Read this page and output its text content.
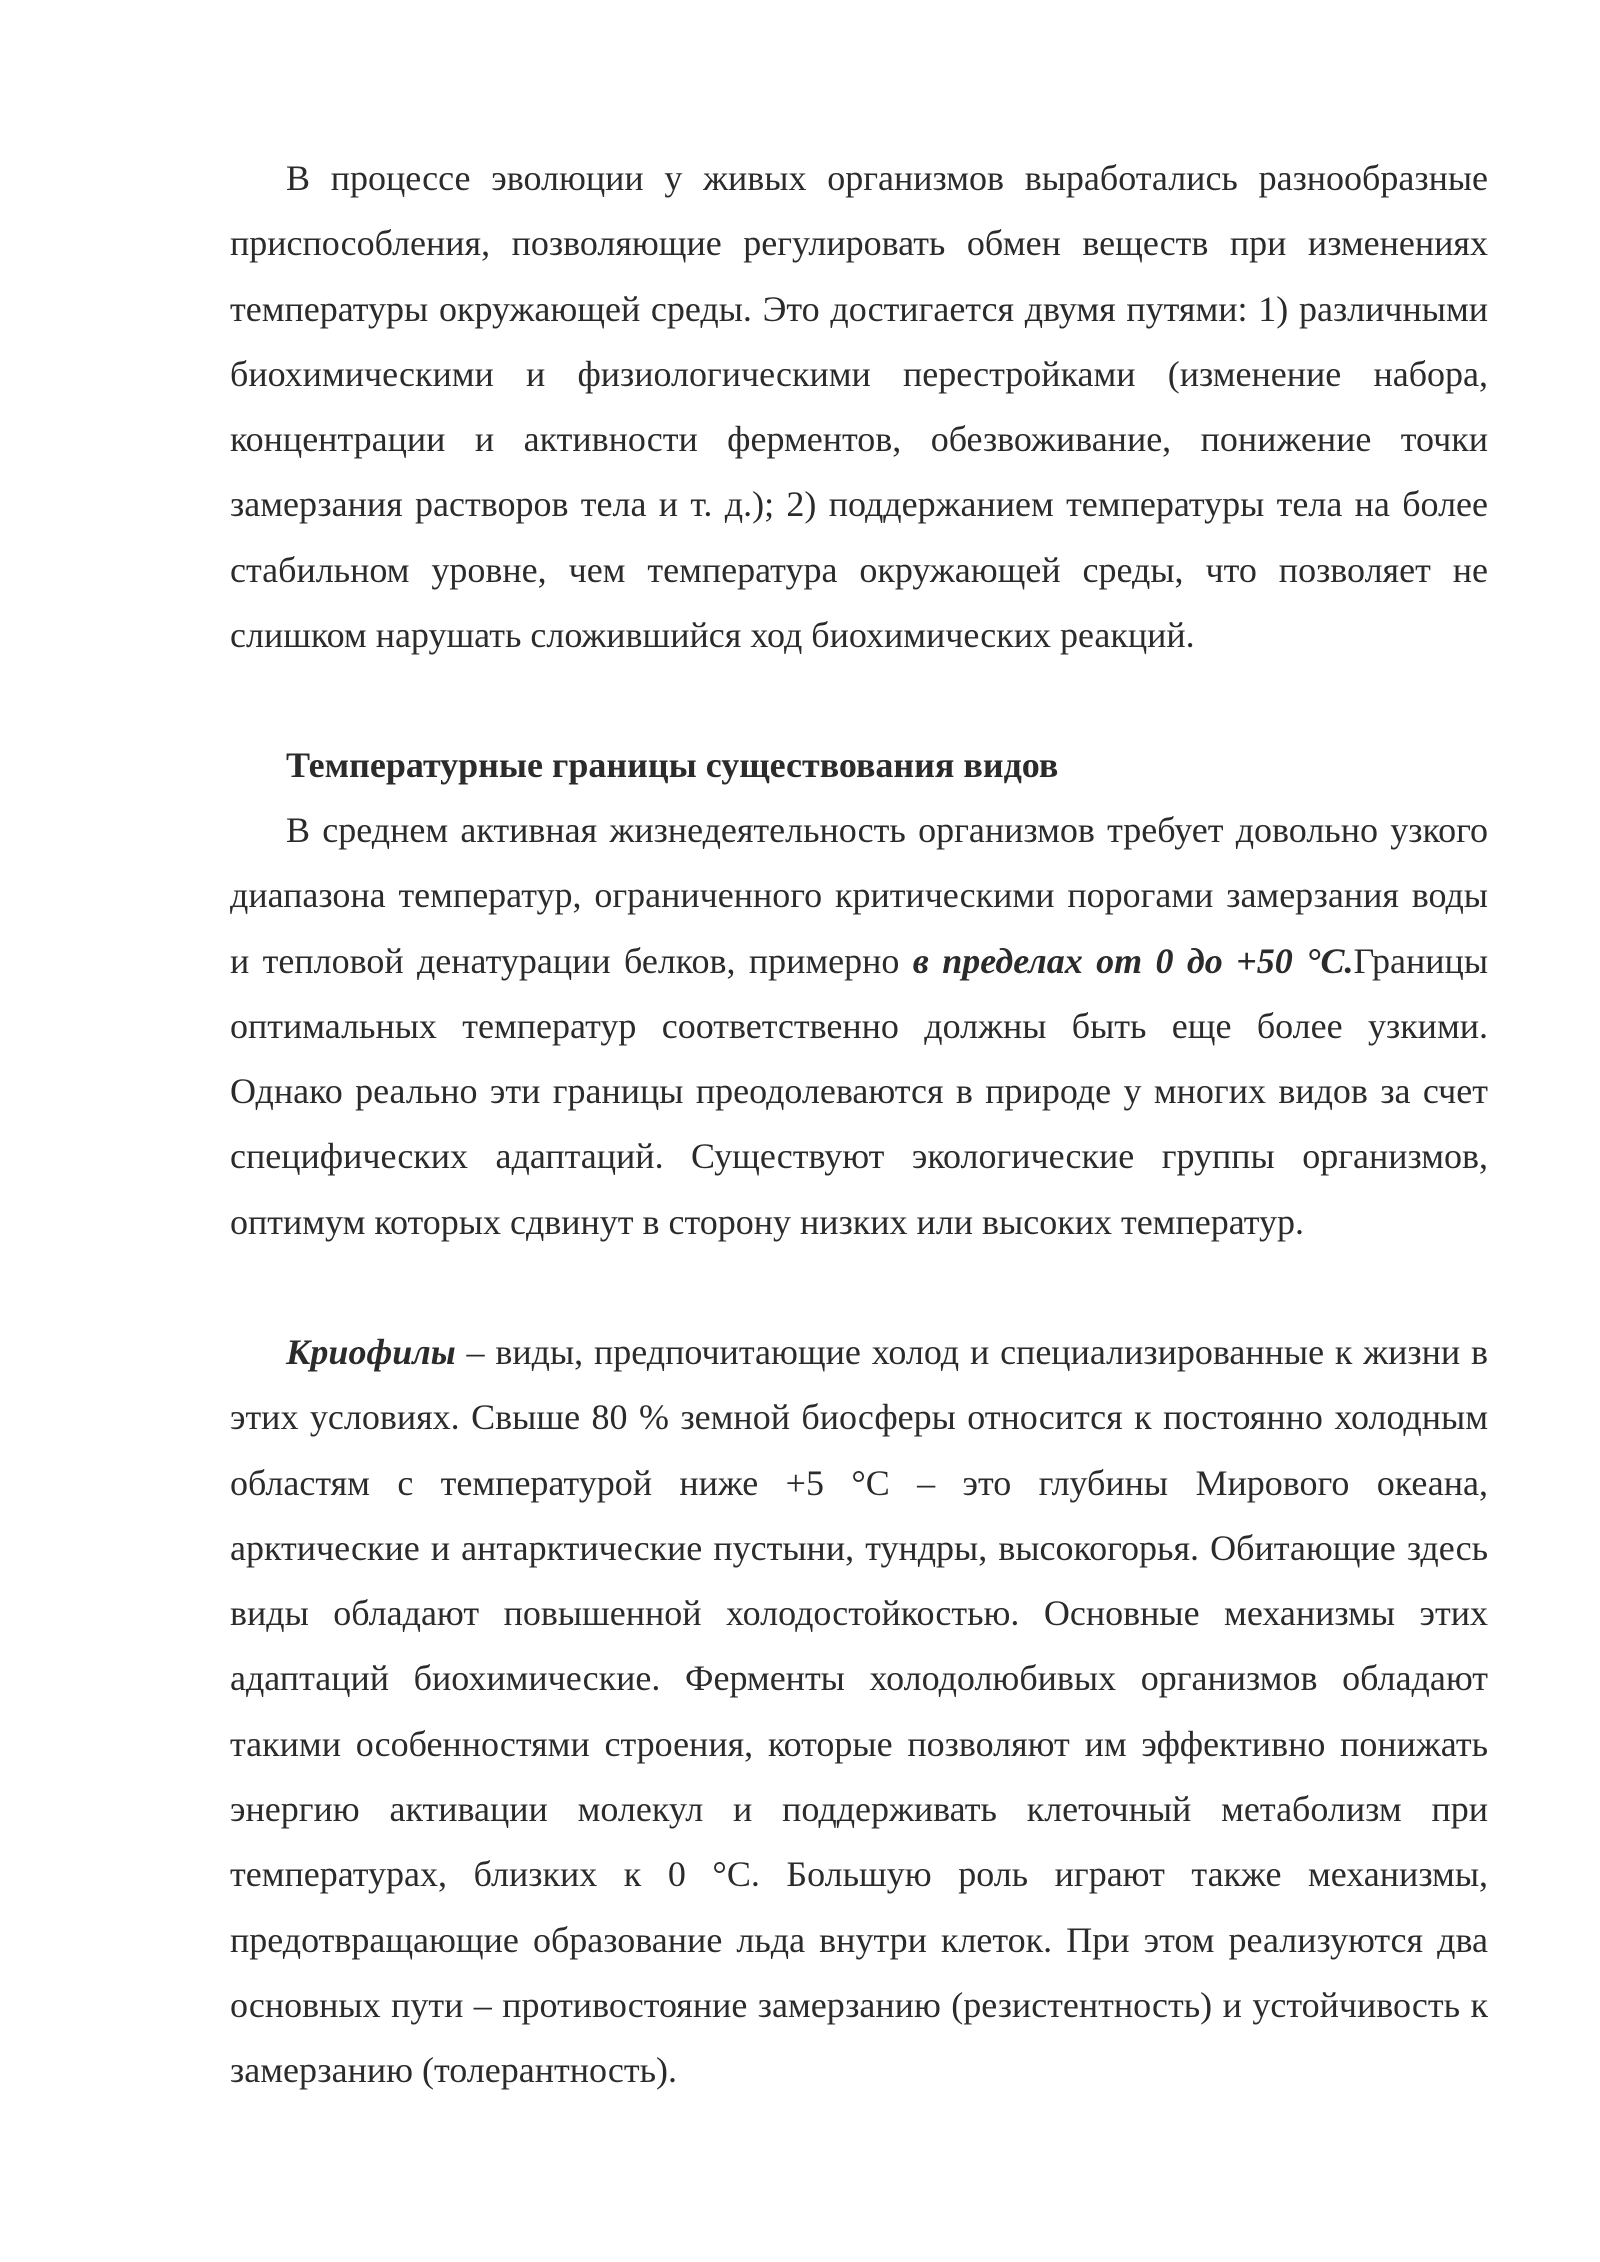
В процессе эволюции у живых организмов выработались разнообразные приспособления, позволяющие регулировать обмен веществ при изменениях температуры окружающей среды. Это достигается двумя путями: 1) различными биохимическими и физиологическими перестройками (изменение набора, концентрации и активности ферментов, обезвоживание, понижение точки замерзания растворов тела и т. д.); 2) поддержанием температуры тела на более стабильном уровне, чем температура окружающей среды, что позволяет не слишком нарушать сложившийся ход биохимических реакций.

Температурные границы существования видов

В среднем активная жизнедеятельность организмов требует довольно узкого диапазона температур, ограниченного критическими порогами замерзания воды и тепловой денатурации белков, примерно в пределах от 0 до +50 °С.Границы оптимальных температур соответственно должны быть еще более узкими. Однако реально эти границы преодолеваются в природе у многих видов за счет специфических адаптаций. Существуют экологические группы организмов, оптимум которых сдвинут в сторону низких или высоких температур.

Криофилы – виды, предпочитающие холод и специализированные к жизни в этих условиях. Свыше 80 % земной биосферы относится к постоянно холодным областям с температурой ниже +5 °С – это глубины Мирового океана, арктические и антарктические пустыни, тундры, высокогорья. Обитающие здесь виды обладают повышенной холодостойкостью. Основные механизмы этих адаптаций биохимические. Ферменты холодолюбивых организмов обладают такими особенностями строения, которые позволяют им эффективно понижать энергию активации молекул и поддерживать клеточный метаболизм при температурах, близких к 0 °С. Большую роль играют также механизмы, предотвращающие образование льда внутри клеток. При этом реализуются два основных пути – противостояние замерзанию (резистентность) и устойчивость к замерзанию (толерантность).
